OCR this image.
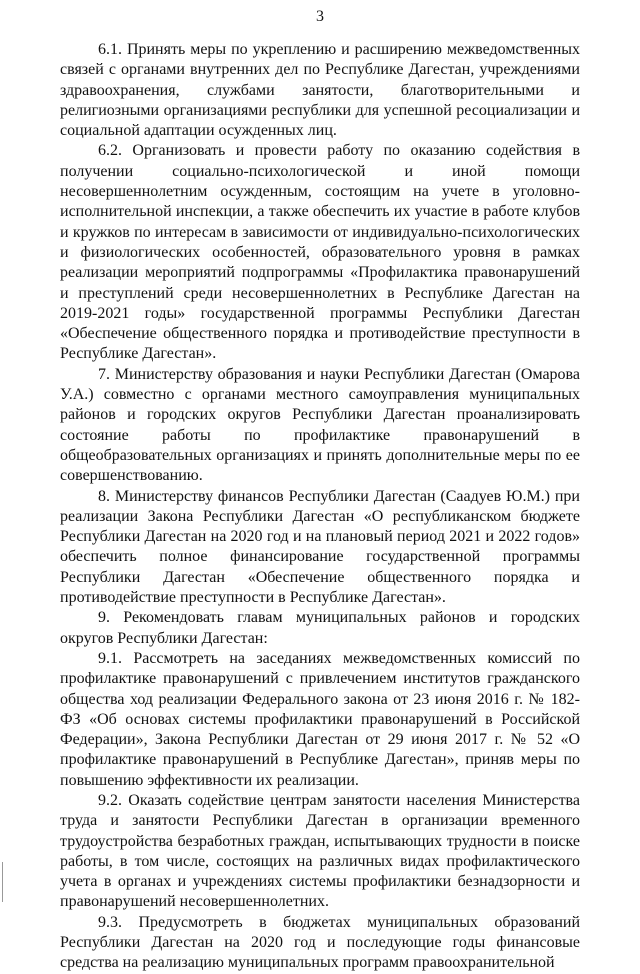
3

6.1. Принять меры по укреплению и расширению межведомственных связей с органами внутренних дел по Республике Дагестан, учреждениями здравоохранения, службами занятости, благотворительными и религиозными организациями республики для успешной ресоциализации и социальной адаптации осужденных лиц.

6.2. Организовать и провести работу по оказанию содействия в получении социально-психологической и иной помощи несовершеннолетним осужденным, состоящим на учете в уголовно-исполнительной инспекции, а также обеспечить их участие в работе клубов и кружков по интересам в зависимости от индивидуально-психологических и физиологических особенностей, образовательного уровня в рамках реализации мероприятий подпрограммы «Профилактика правонарушений и преступлений среди несовершеннолетних в Республике Дагестан на 2019-2021 годы» государственной программы Республики Дагестан «Обеспечение общественного порядка и противодействие преступности в Республике Дагестан».

7. Министерству образования и науки Республики Дагестан (Омарова У.А.) совместно с органами местного самоуправления муниципальных районов и городских округов Республики Дагестан проанализировать состояние работы по профилактике правонарушений в общеобразовательных организациях и принять дополнительные меры по ее совершенствованию.

8. Министерству финансов Республики Дагестан (Саадуев Ю.М.) при реализации Закона Республики Дагестан «О республиканском бюджете Республики Дагестан на 2020 год и на плановый период 2021 и 2022 годов» обеспечить полное финансирование государственной программы Республики Дагестан «Обеспечение общественного порядка и противодействие преступности в Республике Дагестан».

9. Рекомендовать главам муниципальных районов и городских округов Республики Дагестан:

9.1. Рассмотреть на заседаниях межведомственных комиссий по профилактике правонарушений с привлечением институтов гражданского общества ход реализации Федерального закона от 23 июня 2016 г. № 182-ФЗ «Об основах системы профилактики правонарушений в Российской Федерации», Закона Республики Дагестан от 29 июня 2017 г. № 52 «О профилактике правонарушений в Республике Дагестан», приняв меры по повышению эффективности их реализации.

9.2. Оказать содействие центрам занятости населения Министерства труда и занятости Республики Дагестан в организации временного трудоустройства безработных граждан, испытывающих трудности в поиске работы, в том числе, состоящих на различных видах профилактического учета в органах и учреждениях системы профилактики безнадзорности и правонарушений несовершеннолетних.

9.3. Предусмотреть в бюджетах муниципальных образований Республики Дагестан на 2020 год и последующие годы финансовые средства на реализацию муниципальных программ правоохранительной
